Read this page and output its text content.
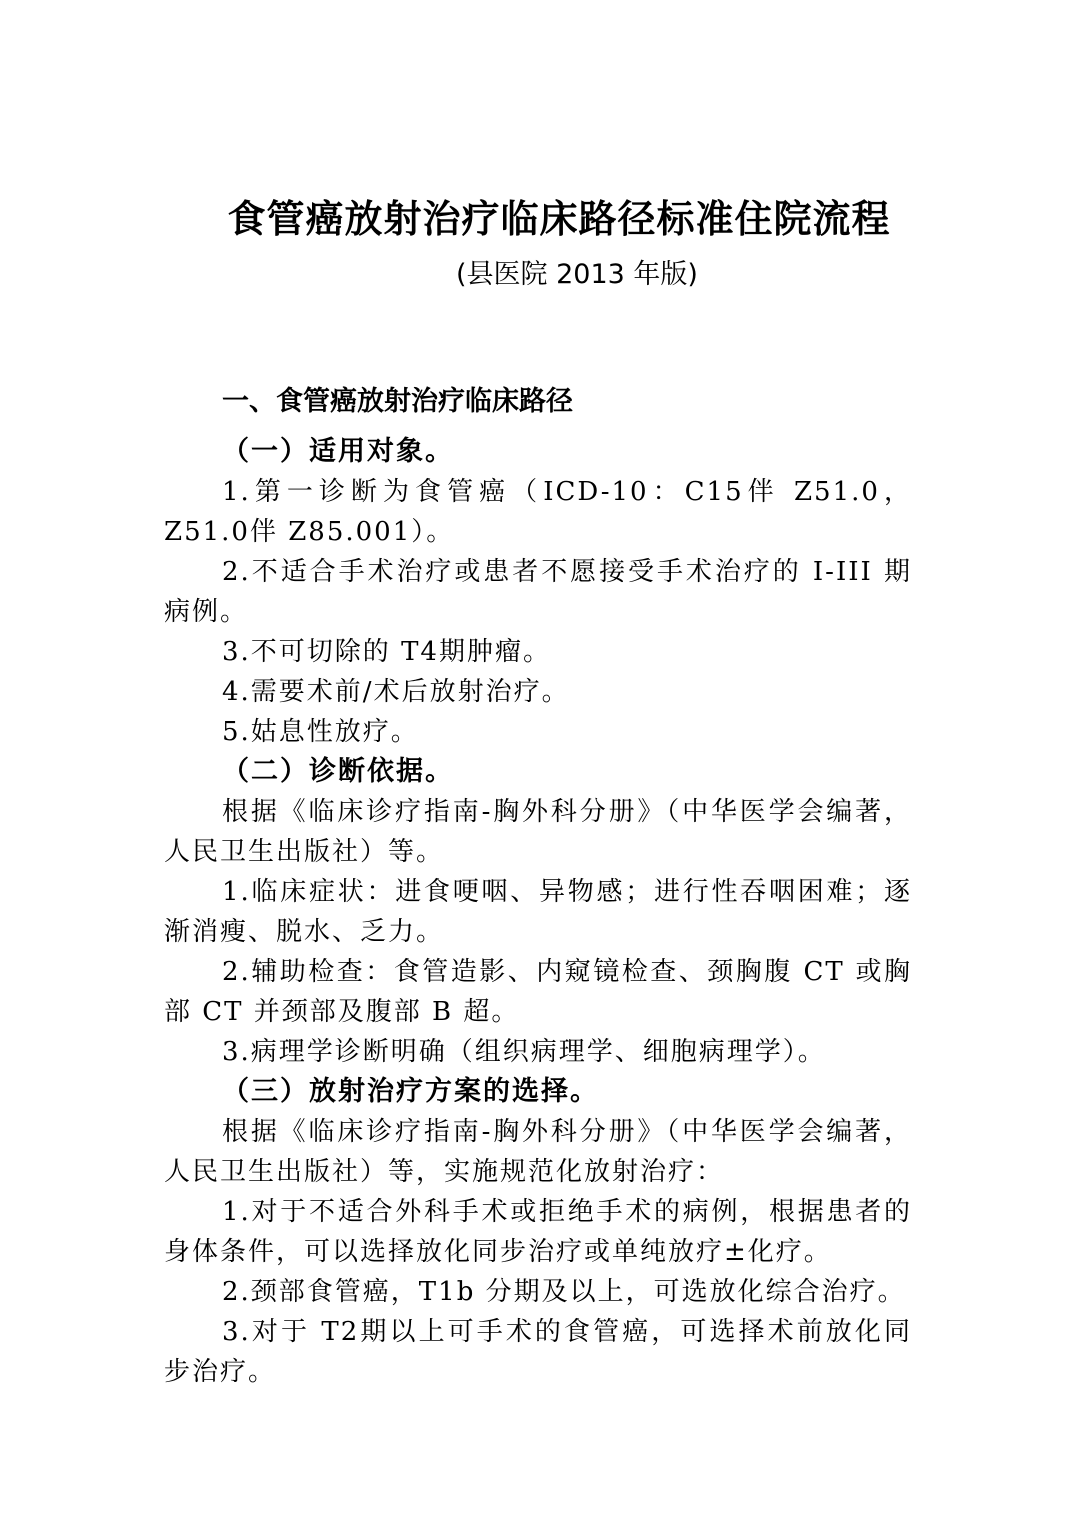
食管癌放射治疗临床路径标准住院流程
(县医院 2013 年版)
一、食管癌放射治疗临床路径
（一）适用对象。

1.第一诊断为食管癌（ICD-10：C15伴 Z51.0，Z51.0伴 Z85.001）。

2.不适合手术治疗或患者不愿接受手术治疗的 I-III 期病例。

3.不可切除的 T4期肿瘤。

4.需要术前/术后放射治疗。

5.姑息性放疗。

（二）诊断依据。

根据《临床诊疗指南-胸外科分册》（中华医学会编著，人民卫生出版社）等。

1.临床症状：进食哽咽、异物感；进行性吞咽困难；逐渐消瘦、脱水、乏力。

2.辅助检查：食管造影、内窥镜检查、颈胸腹 CT 或胸部 CT 并颈部及腹部 B 超。

3.病理学诊断明确（组织病理学、细胞病理学）。

（三）放射治疗方案的选择。

根据《临床诊疗指南-胸外科分册》（中华医学会编著，人民卫生出版社）等，实施规范化放射治疗：

1.对于不适合外科手术或拒绝手术的病例，根据患者的身体条件，可以选择放化同步治疗或单纯放疗±化疗。

2.颈部食管癌，T1b 分期及以上，可选放化综合治疗。

3.对于 T2期以上可手术的食管癌，可选择术前放化同步治疗。
